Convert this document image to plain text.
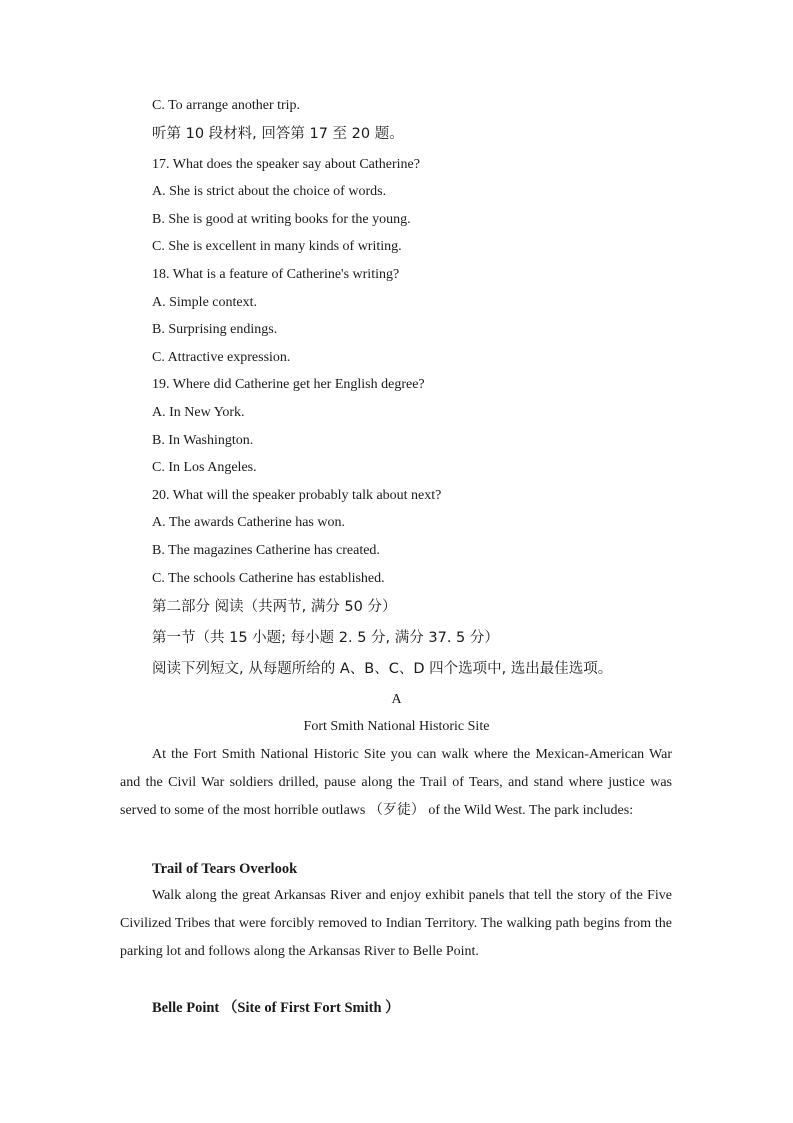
C. To arrange another trip.
听第 10 段材料, 回答第 17 至 20 题。
17. What does the speaker say about Catherine?
A. She is strict about the choice of words.
B. She is good at writing books for the young.
C. She is excellent in many kinds of writing.
18. What is a feature of Catherine's writing?
A. Simple context.
B. Surprising endings.
C. Attractive expression.
19. Where did Catherine get her English degree?
A. In New York.
B. In Washington.
C. In Los Angeles.
20. What will the speaker probably talk about next?
A. The awards Catherine has won.
B. The magazines Catherine has created.
C. The schools Catherine has established.
第二部分 阅读（共两节, 满分 50 分）
第一节（共 15 小题; 每小题 2. 5 分, 满分 37. 5 分）
阅读下列短文, 从每题所给的 A、B、C、D 四个选项中, 选出最佳选项。
A
Fort Smith National Historic Site
At the Fort Smith National Historic Site you can walk where the Mexican-American War and the Civil War soldiers drilled, pause along the Trail of Tears, and stand where justice was served to some of the most horrible outlaws （歹徒） of the Wild West. The park includes:
Trail of Tears Overlook
Walk along the great Arkansas River and enjoy exhibit panels that tell the story of the Five Civilized Tribes that were forcibly removed to Indian Territory. The walking path begins from the parking lot and follows along the Arkansas River to Belle Point.
Belle Point （Site of First Fort Smith ）
